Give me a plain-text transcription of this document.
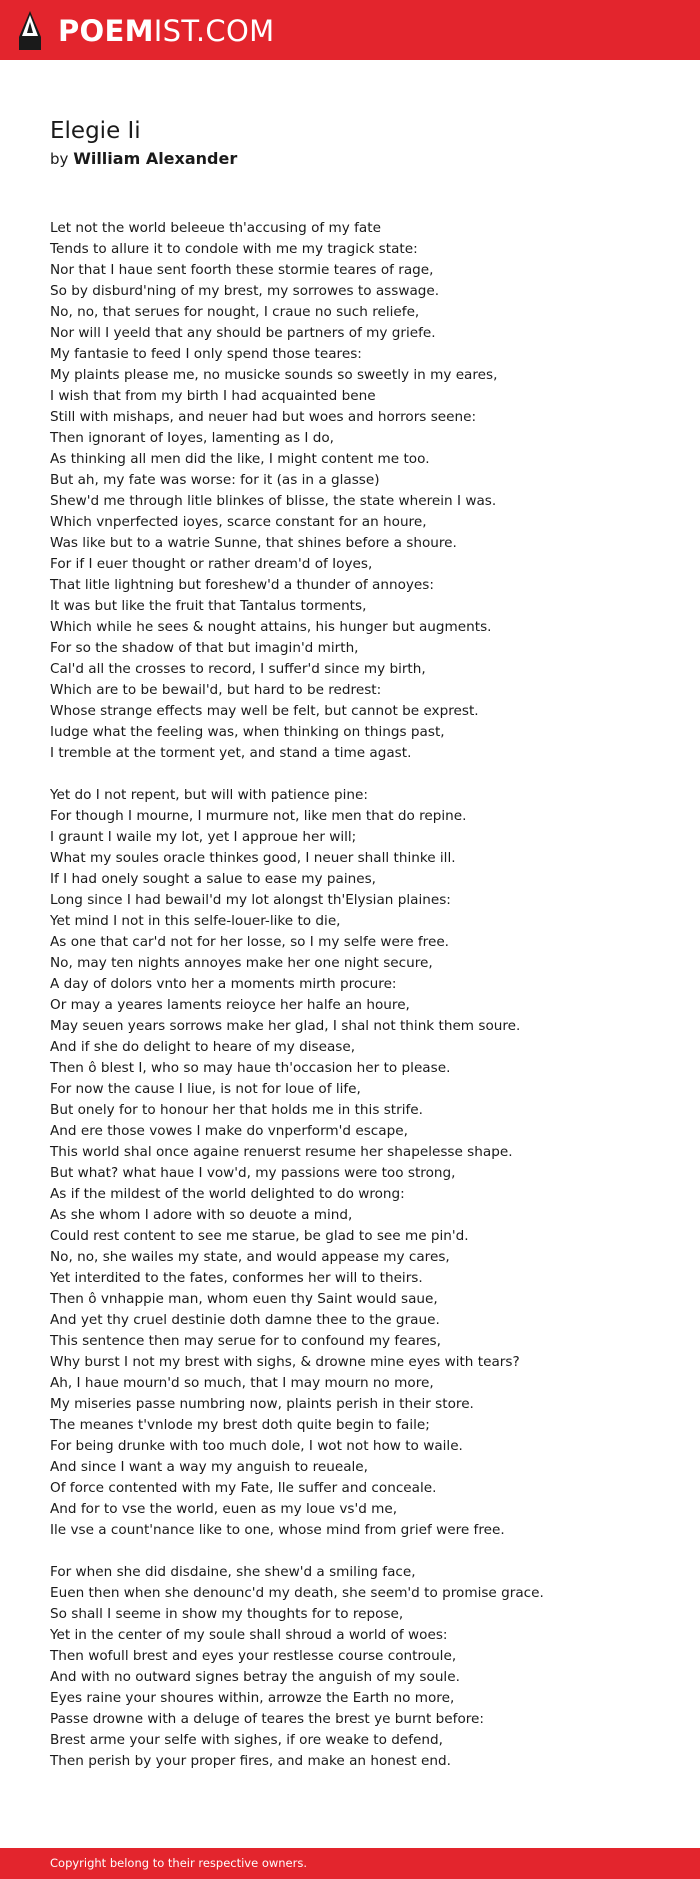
POEMIST.COM
Elegie Ii
by William Alexander
Let not the world beleeue th'accusing of my fate
Tends to allure it to condole with me my tragick state:
Nor that I haue sent foorth these stormie teares of rage,
So by disburd'ning of my brest, my sorrowes to asswage.
No, no, that serues for nought, I craue no such reliefe,
Nor will I yeeld that any should be partners of my griefe.
My fantasie to feed I only spend those teares:
My plaints please me, no musicke sounds so sweetly in my eares,
I wish that from my birth I had acquainted bene
Still with mishaps, and neuer had but woes and horrors seene:
Then ignorant of Ioyes, lamenting as I do,
As thinking all men did the like, I might content me too.
But ah, my fate was worse: for it (as in a glasse)
Shew'd me through litle blinkes of blisse, the state wherein I was.
Which vnperfected ioyes, scarce constant for an houre,
Was like but to a watrie Sunne, that shines before a shoure.
For if I euer thought or rather dream'd of Ioyes,
That litle lightning but foreshew'd a thunder of annoyes:
It was but like the fruit that Tantalus torments,
Which while he sees & nought attains, his hunger but augments.
For so the shadow of that but imagin'd mirth,
Cal'd all the crosses to record, I suffer'd since my birth,
Which are to be bewail'd, but hard to be redrest:
Whose strange effects may well be felt, but cannot be exprest.
Iudge what the feeling was, when thinking on things past,
I tremble at the torment yet, and stand a time agast.
Yet do I not repent, but will with patience pine:
For though I mourne, I murmure not, like men that do repine.
I graunt I waile my lot, yet I approue her will;
What my soules oracle thinkes good, I neuer shall thinke ill.
If I had onely sought a salue to ease my paines,
Long since I had bewail'd my lot alongst th'Elysian plaines:
Yet mind I not in this selfe-louer-like to die,
As one that car'd not for her losse, so I my selfe were free.
No, may ten nights annoyes make her one night secure,
A day of dolors vnto her a moments mirth procure:
Or may a yeares laments reioyce her halfe an houre,
May seuen years sorrows make her glad, I shal not think them soure.
And if she do delight to heare of my disease,
Then ô blest I, who so may haue th'occasion her to please.
For now the cause I liue, is not for loue of life,
But onely for to honour her that holds me in this strife.
And ere those vowes I make do vnperform'd escape,
This world shal once againe renuerst resume her shapelesse shape.
But what? what haue I vow'd, my passions were too strong,
As if the mildest of the world delighted to do wrong:
As she whom I adore with so deuote a mind,
Could rest content to see me starue, be glad to see me pin'd.
No, no, she wailes my state, and would appease my cares,
Yet interdited to the fates, conformes her will to theirs.
Then ô vnhappie man, whom euen thy Saint would saue,
And yet thy cruel destinie doth damne thee to the graue.
This sentence then may serue for to confound my feares,
Why burst I not my brest with sighs, & drowne mine eyes with tears?
Ah, I haue mourn'd so much, that I may mourn no more,
My miseries passe numbring now, plaints perish in their store.
The meanes t'vnlode my brest doth quite begin to faile;
For being drunke with too much dole, I wot not how to waile.
And since I want a way my anguish to reueale,
Of force contented with my Fate, Ile suffer and conceale.
And for to vse the world, euen as my loue vs'd me,
Ile vse a count'nance like to one, whose mind from grief were free.
For when she did disdaine, she shew'd a smiling face,
Euen then when she denounc'd my death, she seem'd to promise grace.
So shall I seeme in show my thoughts for to repose,
Yet in the center of my soule shall shroud a world of woes:
Then wofull brest and eyes your restlesse course controule,
And with no outward signes betray the anguish of my soule.
Eyes raine your shoures within, arrowze the Earth no more,
Passe drowne with a deluge of teares the brest ye burnt before:
Brest arme your selfe with sighes, if ore weake to defend,
Then perish by your proper fires, and make an honest end.
Copyright belong to their respective owners.
